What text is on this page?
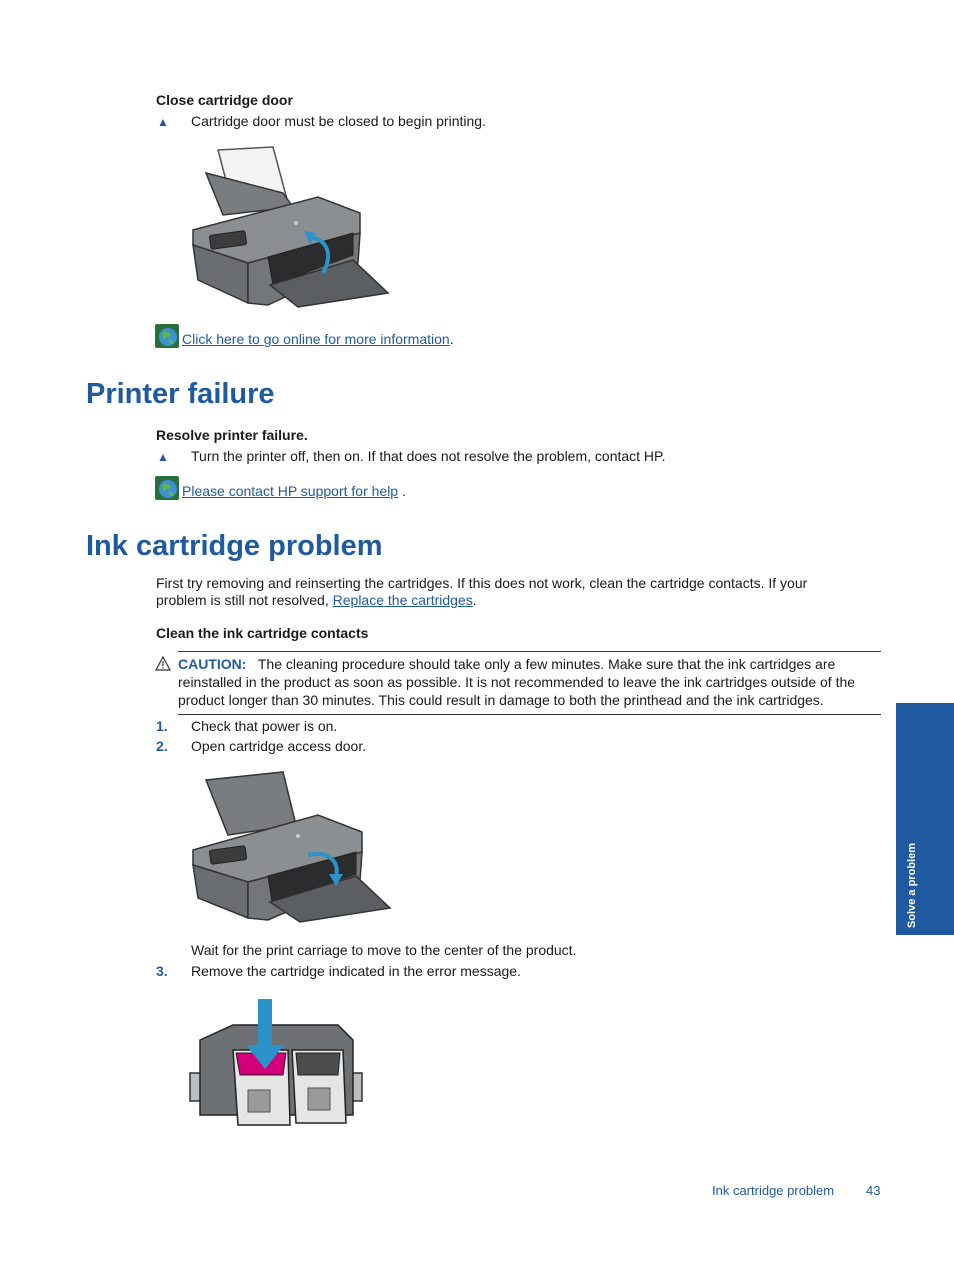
Close cartridge door
▲ Cartridge door must be closed to begin printing.
Click here to go online for more information.
Printer failure
Resolve printer failure.
▲ Turn the printer off, then on. If that does not resolve the problem, contact HP.
Please contact HP support for help .
Ink cartridge problem
First try removing and reinserting the cartridges. If this does not work, clean the cartridge contacts. If your
problem is still not resolved, Replace the cartridges.
Clean the ink cartridge contacts
CAUTION: The cleaning procedure should take only a few minutes. Make sure that the ink cartridges are
reinstalled in the product as soon as possible. It is not recommended to leave the ink cartridges outside of the
product longer than 30 minutes. This could result in damage to both the printhead and the ink cartridges.
1. Check that power is on.
2. Open cartridge access door.
Wait for the print carriage to move to the center of the product.
3. Remove the cartridge indicated in the error message.
Solve a problem
Ink cartridge problem 43
